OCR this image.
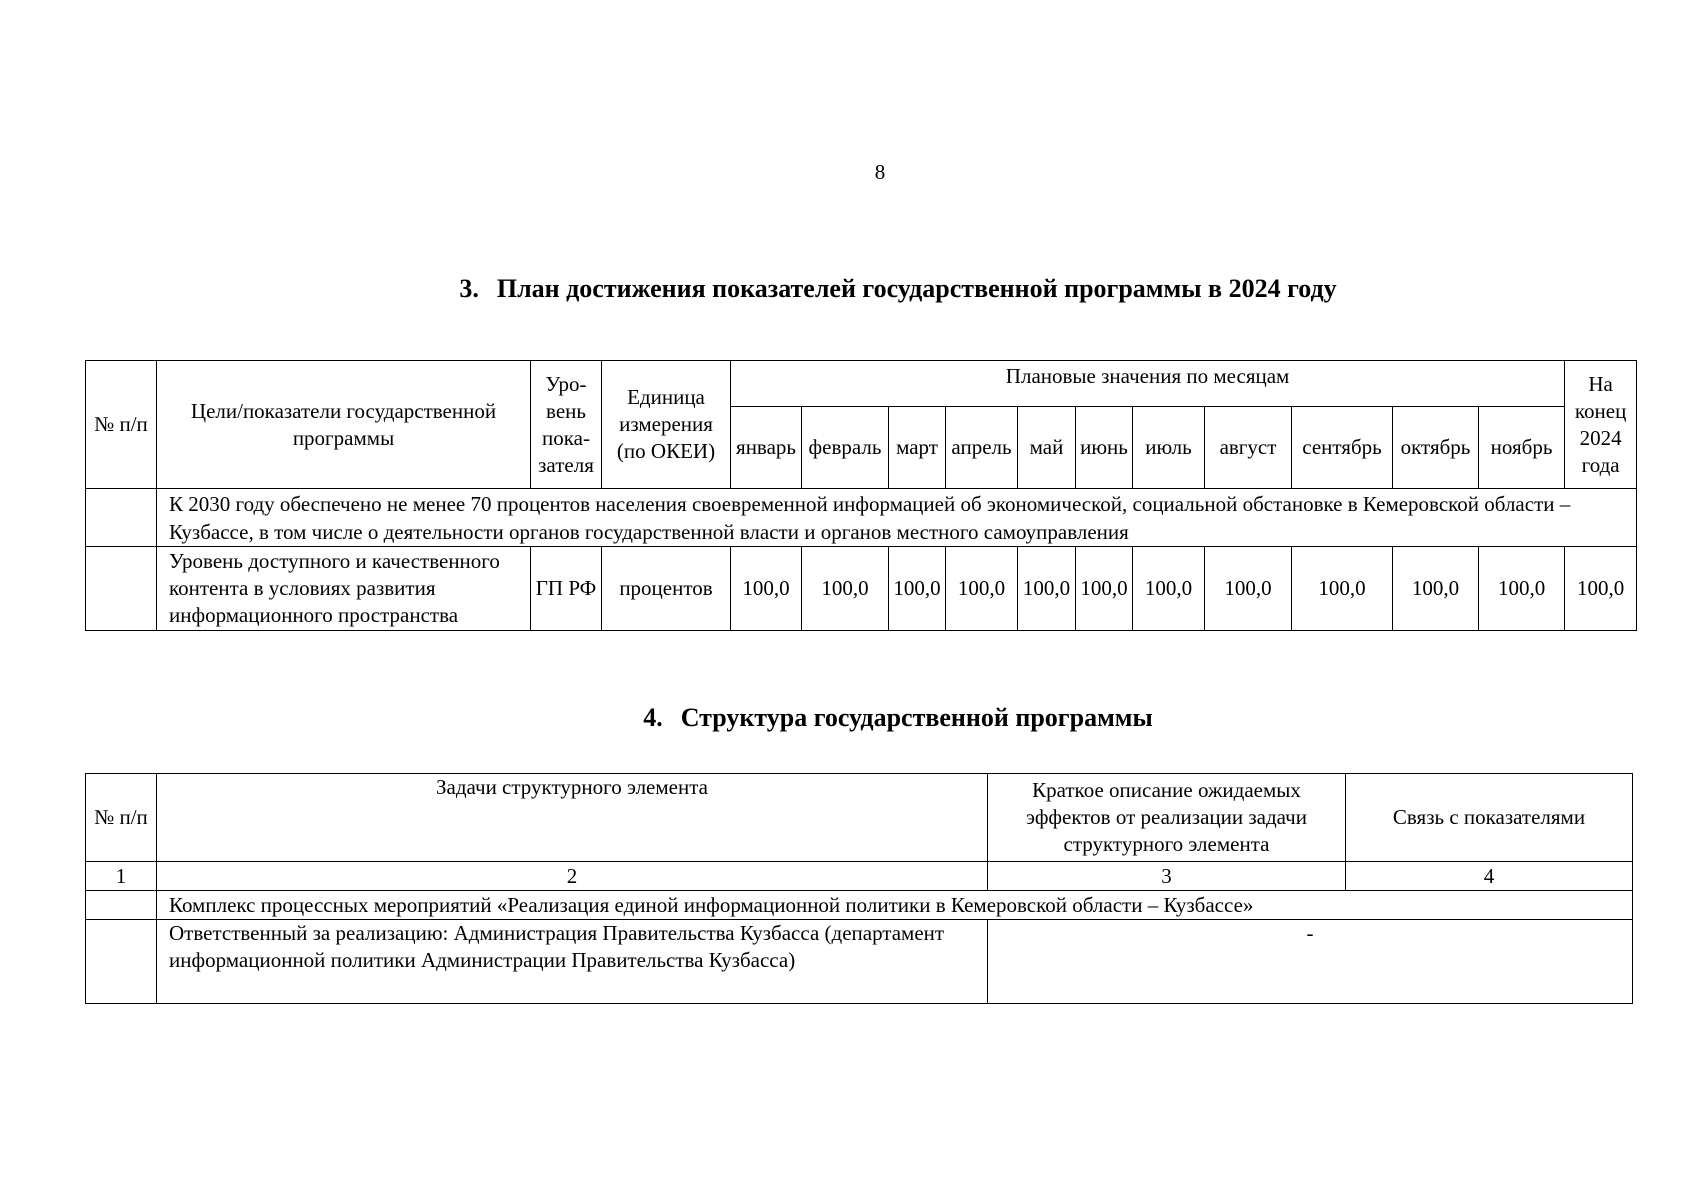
8
3. План достижения показателей государственной программы в 2024 году
№ п/п	Цели/показатели государственной программы	Уро-вень пока-зателя	Единица измерения (по ОКЕИ)	Плановые значения по месяцам											На конец 2024 года
				январь	февраль	март	апрель	май	июнь	июль	август	сентябрь	октябрь	ноябрь	
	К 2030 году обеспечено не менее 70 процентов населения своевременной информацией об экономической, социальной обстановке в Кемеровской области – Кузбассе, в том числе о деятельности органов государственной власти и органов местного самоуправления														
	Уровень доступного и качественного контента в условиях развития информационного пространства	ГП РФ	процентов	100,0	100,0	100,0	100,0	100,0	100,0	100,0	100,0	100,0	100,0	100,0	100,0
4. Структура государственной программы
№ п/п	Задачи структурного элемента	Краткое описание ожидаемых эффектов от реализации задачи структурного элемента	Связь с показателями
1	2	3	4
	Комплекс процессных мероприятий «Реализация единой информационной политики в Кемеровской области – Кузбассе»		
	Ответственный за реализацию: Администрация Правительства Кузбасса (департамент информационной политики Администрации Правительства Кузбасса)	-	
